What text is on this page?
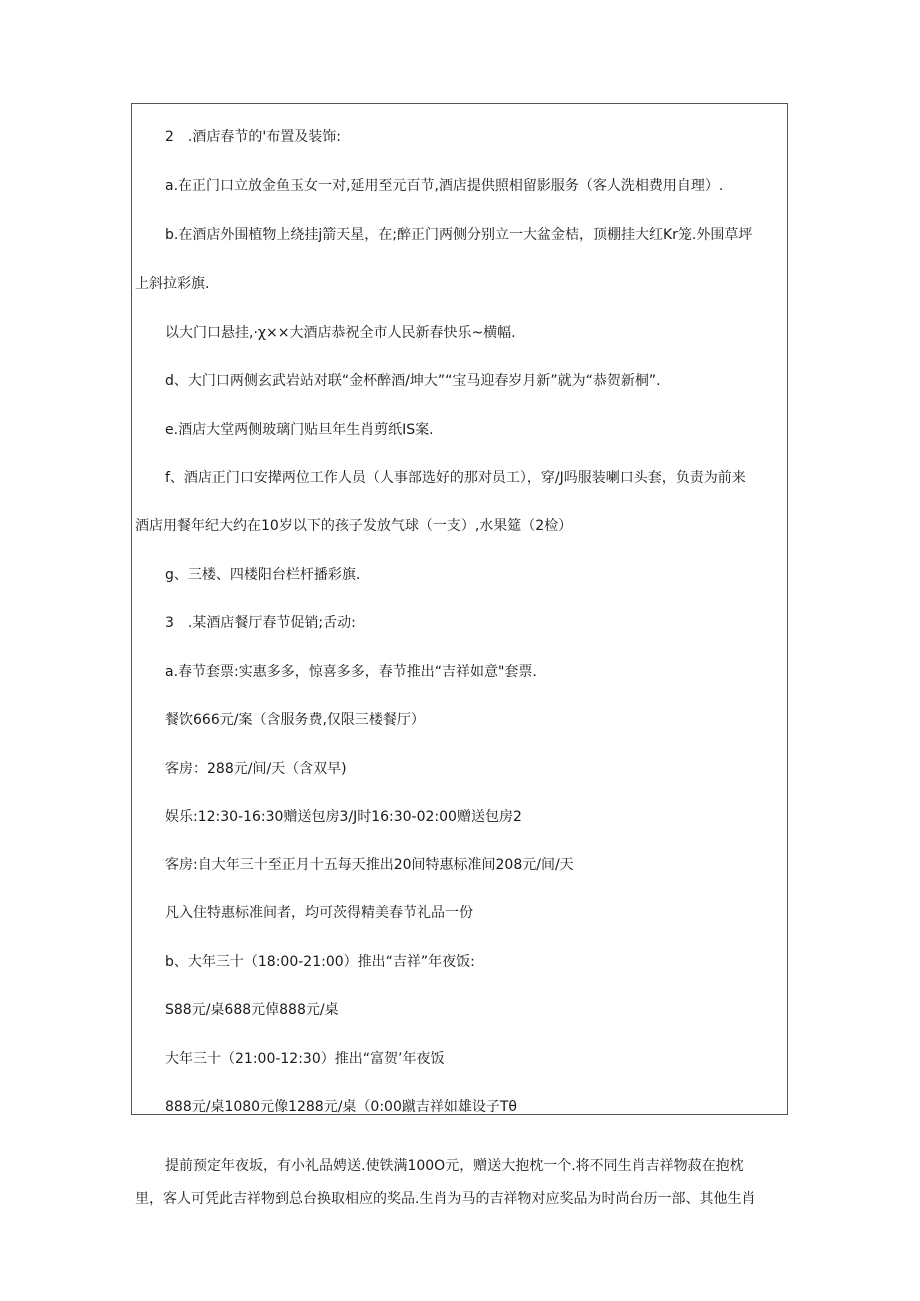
2　.酒店春节的'布置及装饰:
a.在正门口立放金鱼玉女一对,延用至元百节,酒店提供照相留影服务（客人洗相费用自理）.
b.在酒店外围植物上绕挂j箭天星，在;醉正门两侧分别立一大盆金桔，顶棚挂大红Kr笼.外围草坪
上斜拉彩旗.
以大门口悬挂,·χ××大酒店恭祝全市人民新春快乐~横幅.
d、大门口两侧玄武岩站对联“金杯醉酒/坤大”“宝马迎春岁月新”就为“恭贺新桐”.
e.酒店大堂两侧玻璃门贴旦年生肖剪纸IS案.
f、酒店正门口安撵两位工作人员（人事部选好的那对员工），穿/J吗服装喇口头套，负责为前来
酒店用餐年纪大约在10岁以下的孩子发放气球（一支）,水果筵（2检）
g、三楼、四楼阳台栏杆播彩旗.
3　.某酒店餐厅春节促销;舌动:
a.春节套票:实惠多多，惊喜多多，春节推出“吉祥如意"套票.
餐饮666元/案（含服务费,仅限三楼餐厅）
客房：288元/间/天（含双早)
娱乐:12:30-16:30赠送包房3/J时16:30-02:00赠送包房2
客房:自大年三十至正月十五每天推出20间特惠标准间208元/间/天
凡入住特惠标准间者，均可茨得精美春节礼品一份
b、大年三十（18:00-21:00）推出“吉祥”年夜饭:
S88元/桌688元倬888元/桌
大年三十（21:00-12:30）推出“富贺’年夜饭
888元/桌1080元像1288元/桌（0:00蹴吉祥如雄设子Tθ
提前预定年夜坂，有小礼品娉送.使铁满100O元，赠送大抱枕一个.将不同生肖吉祥物菽在抱枕
里，客人可凭此吉祥物到总台换取相应的奖品.生肖为马的吉祥物对应奖品为时尚台历一部、其他生肖
